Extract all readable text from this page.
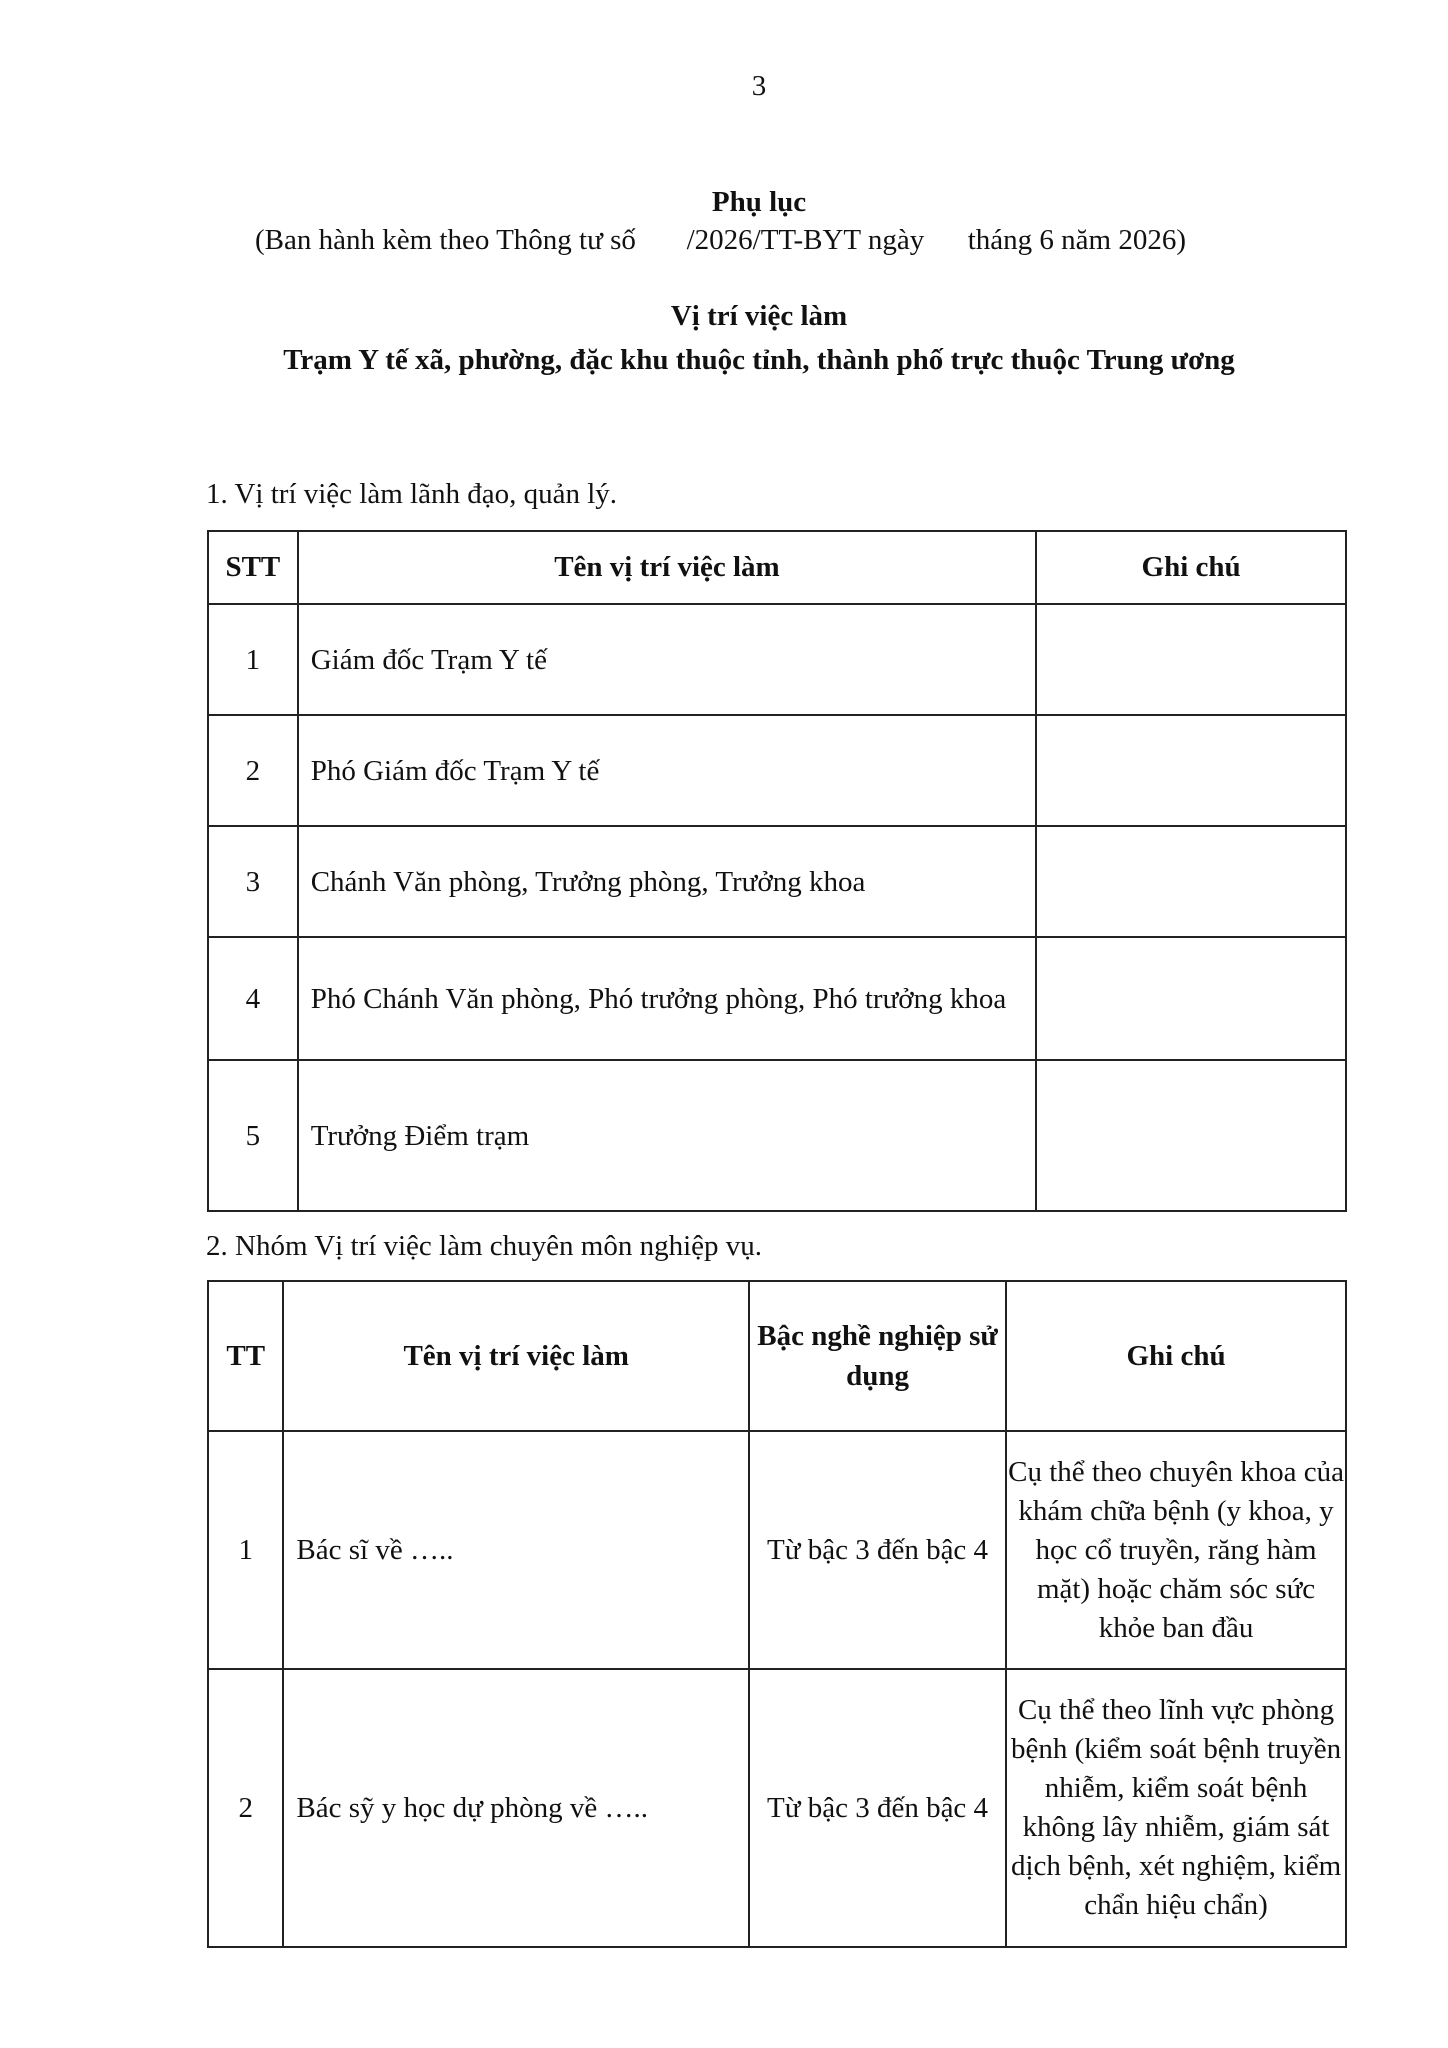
3
Phụ lục
(Ban hành kèm theo Thông tư số       /2026/TT-BYT ngày      tháng 6 năm 2026)
Vị trí việc làm
Trạm Y tế xã, phường, đặc khu thuộc tỉnh, thành phố trực thuộc Trung ương
1. Vị trí việc làm lãnh đạo, quản lý.
STT	Tên vị trí việc làm	Ghi chú
1	Giám đốc Trạm Y tế	
2	Phó Giám đốc Trạm Y tế	
3	Chánh Văn phòng, Trưởng phòng, Trưởng khoa	
4	Phó Chánh Văn phòng, Phó trưởng phòng, Phó trưởng khoa	
5	Trưởng Điểm trạm	
2. Nhóm Vị trí việc làm chuyên môn nghiệp vụ.
TT	Tên vị trí việc làm	Bậc nghề nghiệp sử dụng	Ghi chú
1	Bác sĩ về …..	Từ bậc 3 đến bậc 4	Cụ thể theo chuyên khoa của khám chữa bệnh (y khoa, y học cổ truyền, răng hàm mặt) hoặc chăm sóc sức khỏe ban đầu
2	Bác sỹ y học dự phòng về …..	Từ bậc 3 đến bậc 4	Cụ thể theo lĩnh vực phòng bệnh (kiểm soát bệnh truyền nhiễm, kiểm soát bệnh không lây nhiễm, giám sát dịch bệnh, xét nghiệm, kiểm chẩn hiệu chẩn)
